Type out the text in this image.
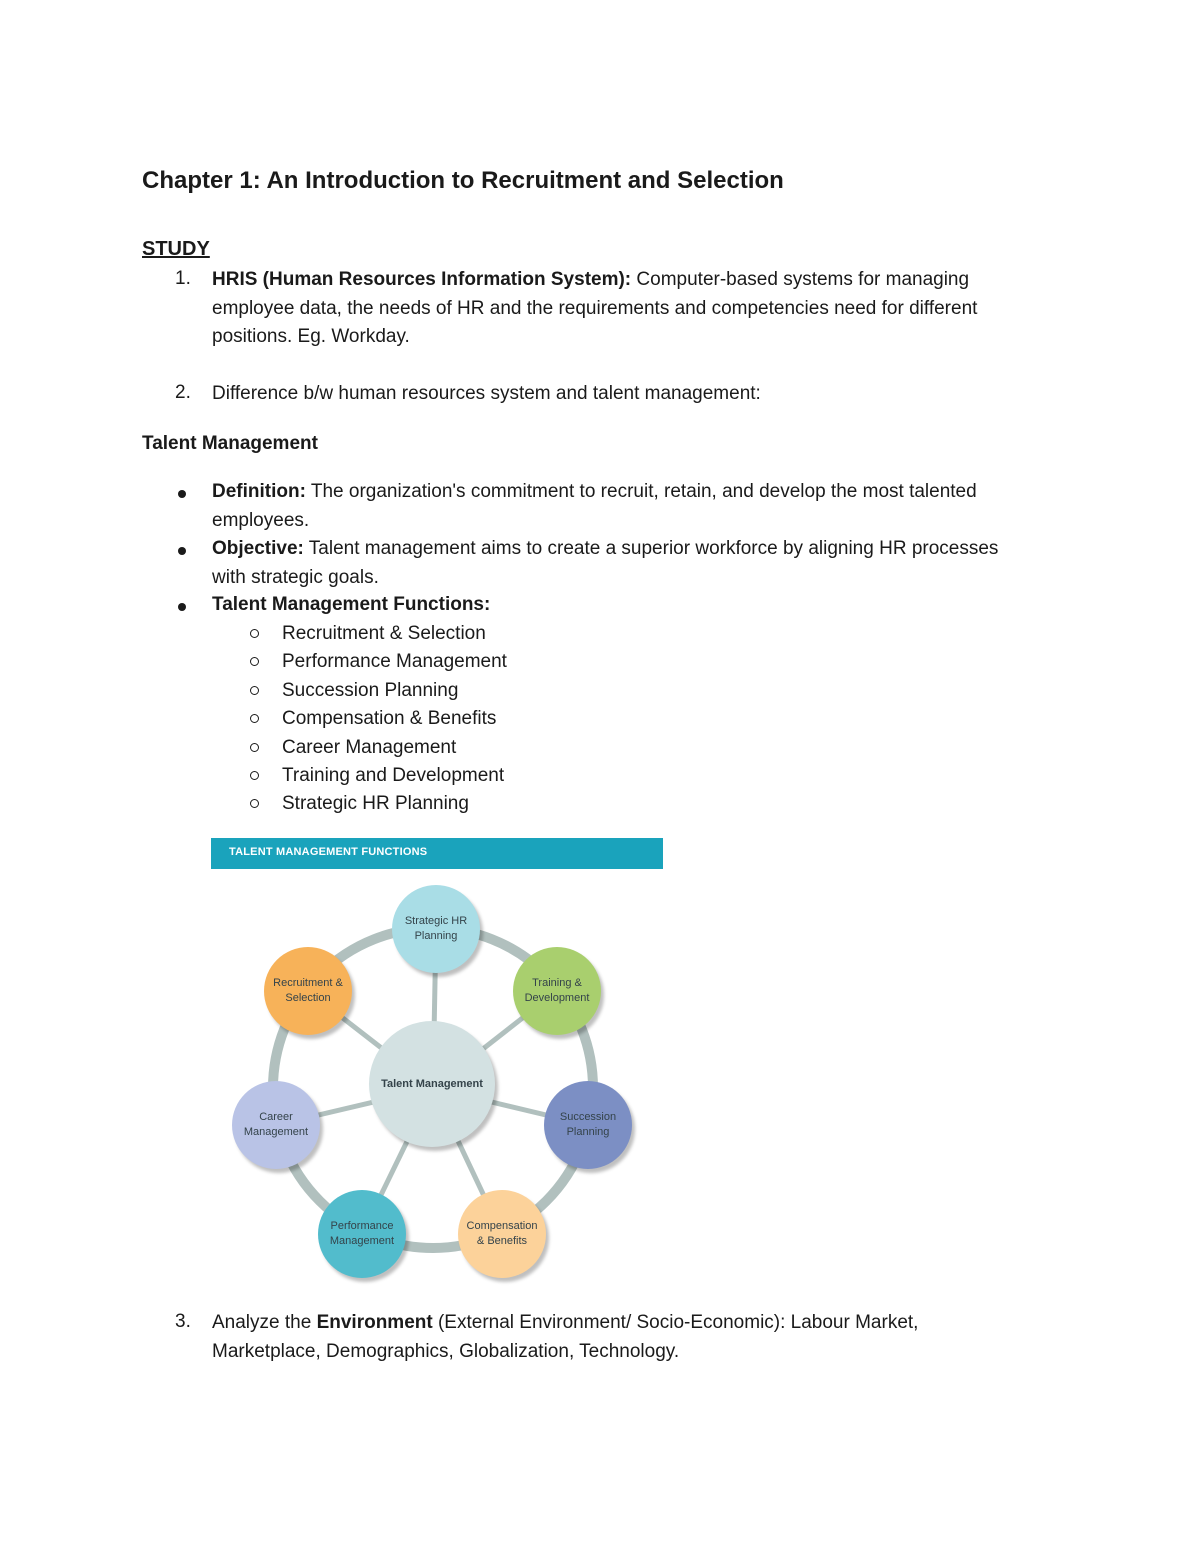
Chapter 1: An Introduction to Recruitment and Selection
STUDY
1. HRIS (Human Resources Information System): Computer-based systems for managing employee data, the needs of HR and the requirements and competencies need for different positions. Eg. Workday.

2. Difference b/w human resources system and talent management:

Talent Management

Definition: The organization's commitment to recruit, retain, and develop the most talented employees.

Objective: Talent management aims to create a superior workforce by aligning HR processes with strategic goals.

Talent Management Functions:

Recruitment & Selection
Performance Management
Succession Planning
Compensation & Benefits
Career Management
Training and Development
Strategic HR Planning
TALENT MANAGEMENT FUNCTIONS
Talent Management
Strategic HR Planning
Training & Development
Succession Planning
Compensation & Benefits
Performance Management
Career Management
Recruitment & Selection
3. Analyze the Environment (External Environment/ Socio-Economic): Labour Market, Marketplace, Demographics, Globalization, Technology.
